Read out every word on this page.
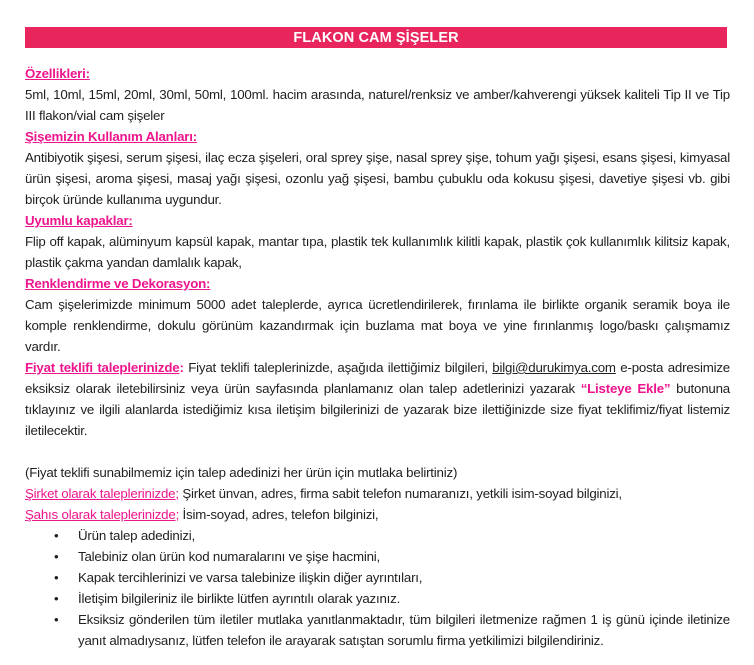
FLAKON CAM ŞİŞELER

Özellikleri:

5ml, 10ml, 15ml, 20ml, 30ml, 50ml, 100ml. hacim arasında, naturel/renksiz ve amber/kahverengi yüksek kaliteli Tip II ve Tip III flakon/vial cam şişeler

Şişemizin Kullanım Alanları:

Antibiyotik şişesi, serum şişesi, ilaç ecza şişeleri, oral sprey şişe, nasal sprey şişe, tohum yağı şişesi, esans şişesi, kimyasal ürün şişesi, aroma şişesi, masaj yağı şişesi, ozonlu yağ şişesi, bambu çubuklu oda kokusu şişesi, davetiye şişesi vb. gibi birçok üründe kullanıma uygundur.

Uyumlu kapaklar:

Flip off kapak, alüminyum kapsül kapak, mantar tıpa, plastik tek kullanımlık kilitli kapak, plastik çok kullanımlık kilitsiz kapak, plastik çakma yandan damlalık kapak,

Renklendirme ve Dekorasyon:

Cam şişelerimizde minimum 5000 adet taleplerde, ayrıca ücretlendirilerek, fırınlama ile birlikte organik seramik boya ile komple renklendirme, dokulu görünüm kazandırmak için buzlama mat boya ve yine fırınlanmış logo/baskı çalışmamız vardır.

Fiyat teklifi taleplerinizde: Fiyat teklifi taleplerinizde, aşağıda ilettiğimiz bilgileri, bilgi@durukimya.com e-posta adresimize eksiksiz olarak iletebilirsiniz veya ürün sayfasında planlamanız olan talep adetlerinizi yazarak “Listeye Ekle” butonuna tıklayınız ve ilgili alanlarda istediğimiz kısa iletişim bilgilerinizi de yazarak bize ilettiğinizde size fiyat teklifimiz/fiyat listemiz iletilecektir.

(Fiyat teklifi sunabilmemiz için talep adedinizi her ürün için mutlaka belirtiniz)

Şirket olarak taleplerinizde; Şirket ünvan, adres, firma sabit telefon numaranızı, yetkili isim-soyad bilginizi,

Şahıs olarak taleplerinizde; İsim-soyad, adres, telefon bilginizi,

• Ürün talep adedinizi,
• Talebiniz olan ürün kod numaralarını ve şişe hacmini,
• Kapak tercihlerinizi ve varsa talebinize ilişkin diğer ayrıntıları,
• İletişim bilgileriniz ile birlikte lütfen ayrıntılı olarak yazınız.
• Eksiksiz gönderilen tüm iletiler mutlaka yanıtlanmaktadır, tüm bilgileri iletmenize rağmen 1 iş günü içinde iletinize yanıt almadıysanız, lütfen telefon ile arayarak satıştan sorumlu firma yetkilimizi bilgilendiriniz.
